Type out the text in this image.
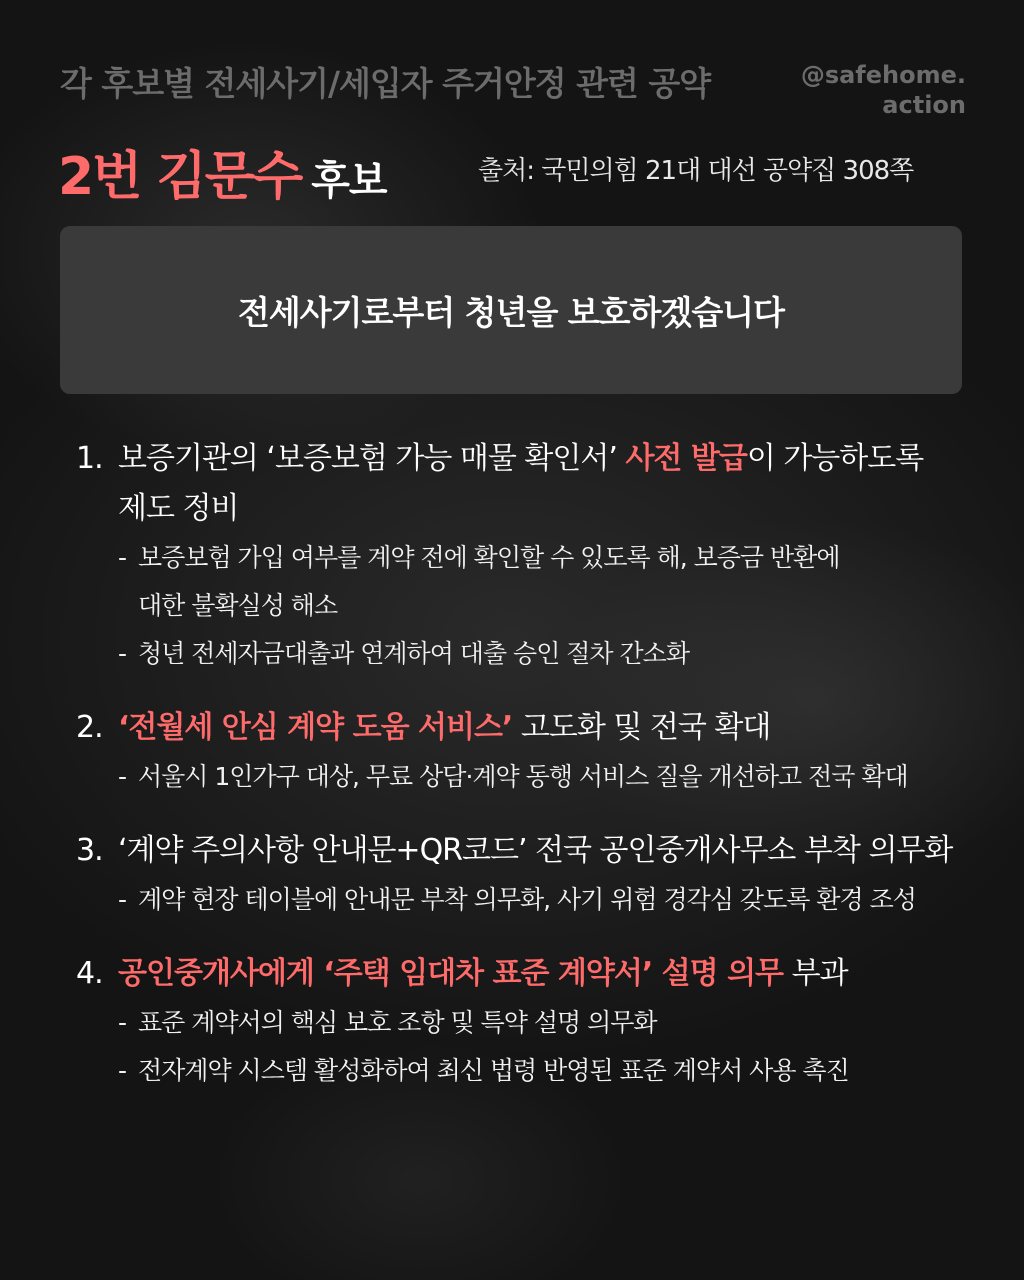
각 후보별 전세사기/세입자 주거안정 관련 공약	@safehome.
action
2번 김문수 후보	출처: 국민의힘 21대 대선 공약집 308쪽
전세사기로부터 청년을 보호하겠습니다
1. 보증기관의 ‘보증보험 가능 매물 확인서’ 사전 발급이 가능하도록
제도 정비
- 보증보험 가입 여부를 계약 전에 확인할 수 있도록 해, 보증금 반환에
대한 불확실성 해소
- 청년 전세자금대출과 연계하여 대출 승인 절차 간소화
2. ‘전월세 안심 계약 도움 서비스’ 고도화 및 전국 확대
- 서울시 1인가구 대상, 무료 상담·계약 동행 서비스 질을 개선하고 전국 확대
3. ‘계약 주의사항 안내문+QR코드’ 전국 공인중개사무소 부착 의무화
- 계약 현장 테이블에 안내문 부착 의무화, 사기 위험 경각심 갖도록 환경 조성
4. 공인중개사에게 ‘주택 임대차 표준 계약서’ 설명 의무 부과
- 표준 계약서의 핵심 보호 조항 및 특약 설명 의무화
- 전자계약 시스템 활성화하여 최신 법령 반영된 표준 계약서 사용 촉진
